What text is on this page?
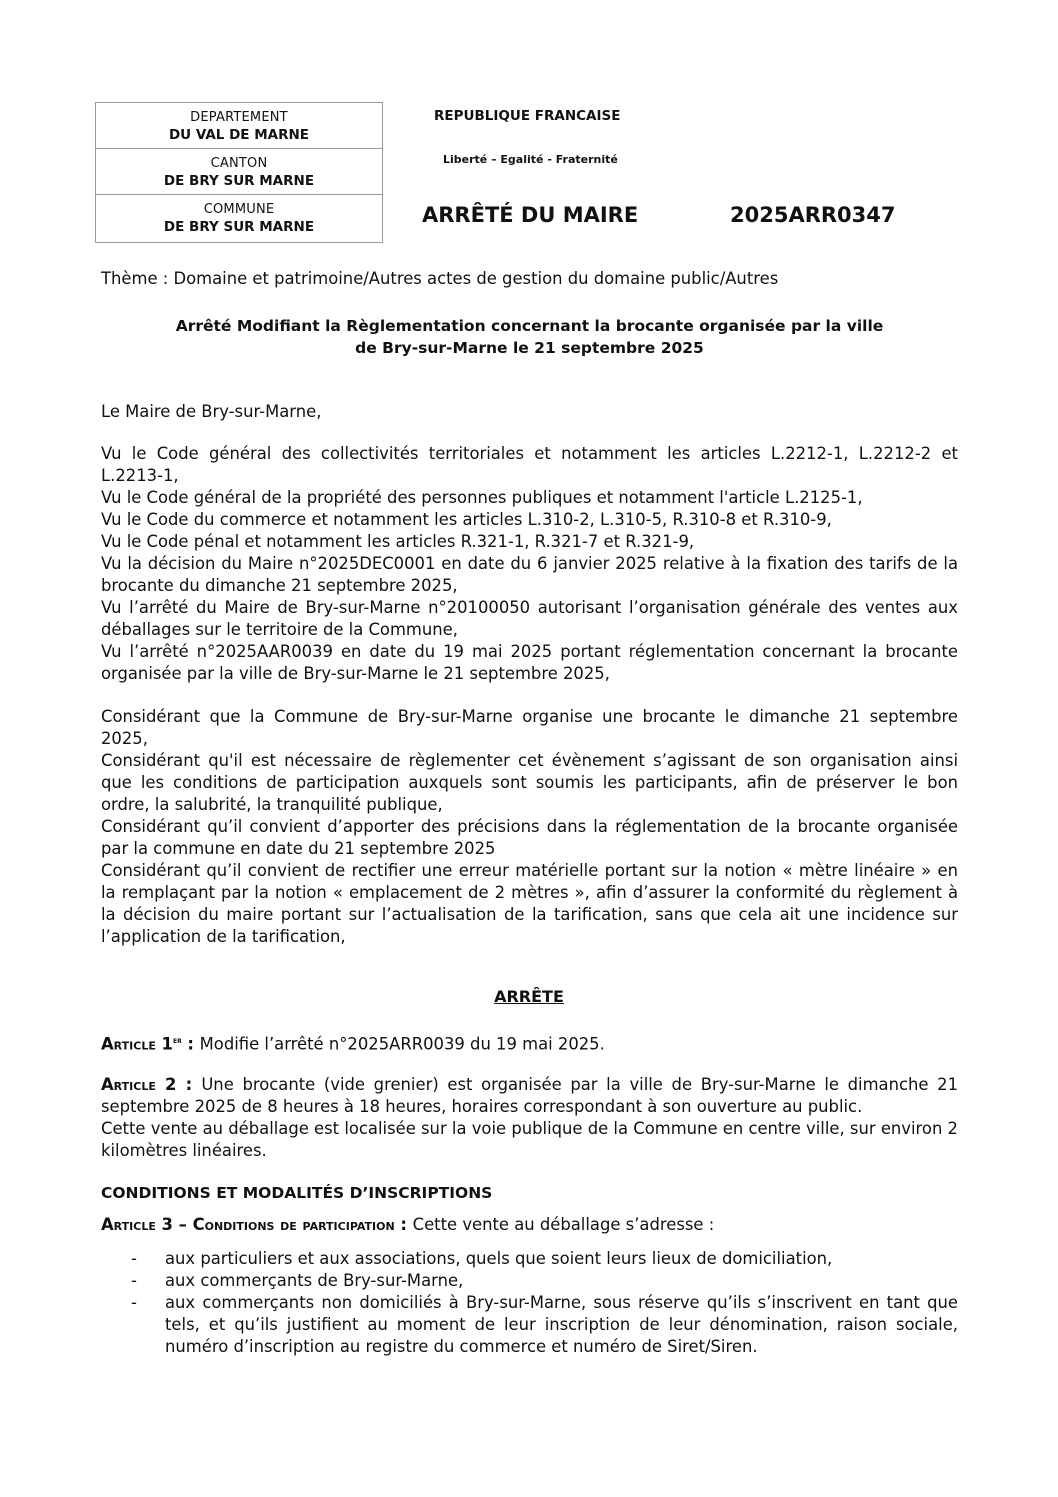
DEPARTEMENT
DU VAL DE MARNE
CANTON
DE BRY SUR MARNE
COMMUNE
DE BRY SUR MARNE
REPUBLIQUE FRANCAISE
Liberté – Egalité - Fraternité
ARRÊTÉ DU MAIRE	2025ARR0347
Thème : Domaine et patrimoine/Autres actes de gestion du domaine public/Autres
Arrêté Modifiant la Règlementation concernant la brocante organisée par la ville
de Bry-sur-Marne le 21 septembre 2025
Le Maire de Bry-sur-Marne,
Vu le Code général des collectivités territoriales et notamment les articles L.2212-1, L.2212-2 et L.2213-1,
Vu le Code général de la propriété des personnes publiques et notamment l'article L.2125-1,
Vu le Code du commerce et notamment les articles L.310-2, L.310-5, R.310-8 et R.310-9,
Vu le Code pénal et notamment les articles R.321-1, R.321-7 et R.321-9,
Vu la décision du Maire n°2025DEC0001 en date du 6 janvier 2025 relative à la fixation des tarifs de la brocante du dimanche 21 septembre 2025,
Vu l’arrêté du Maire de Bry-sur-Marne n°20100050 autorisant l’organisation générale des ventes aux déballages sur le territoire de la Commune,
Vu l’arrêté n°2025AAR0039 en date du 19 mai 2025 portant réglementation concernant la brocante organisée par la ville de Bry-sur-Marne le 21 septembre 2025,
Considérant que la Commune de Bry-sur-Marne organise une brocante le dimanche 21 septembre 2025,
Considérant qu'il est nécessaire de règlementer cet évènement s’agissant de son organisation ainsi que les conditions de participation auxquels sont soumis les participants, afin de préserver le bon ordre, la salubrité, la tranquilité publique,
Considérant qu’il convient d’apporter des précisions dans la réglementation de la brocante organisée par la commune en date du 21 septembre 2025
Considérant qu’il convient de rectifier une erreur matérielle portant sur la notion « mètre linéaire » en la remplaçant par la notion « emplacement de 2 mètres », afin d’assurer la conformité du règlement à la décision du maire portant sur l’actualisation de la tarification, sans que cela ait une incidence sur l’application de la tarification,
ARRÊTE
Article 1er : Modifie l’arrêté n°2025ARR0039 du 19 mai 2025.
Article 2 : Une brocante (vide grenier) est organisée par la ville de Bry-sur-Marne le dimanche 21 septembre 2025 de 8 heures à 18 heures, horaires correspondant à son ouverture au public.
Cette vente au déballage est localisée sur la voie publique de la Commune en centre ville, sur environ 2 kilomètres linéaires.
CONDITIONS ET MODALITÉS D’INSCRIPTIONS
Article 3 – Conditions de participation : Cette vente au déballage s’adresse :
- aux particuliers et aux associations, quels que soient leurs lieux de domiciliation,
- aux commerçants de Bry-sur-Marne,
- aux commerçants non domiciliés à Bry-sur-Marne, sous réserve qu’ils s’inscrivent en tant que tels, et qu’ils justifient au moment de leur inscription de leur dénomination, raison sociale, numéro d’inscription au registre du commerce et numéro de Siret/Siren.
